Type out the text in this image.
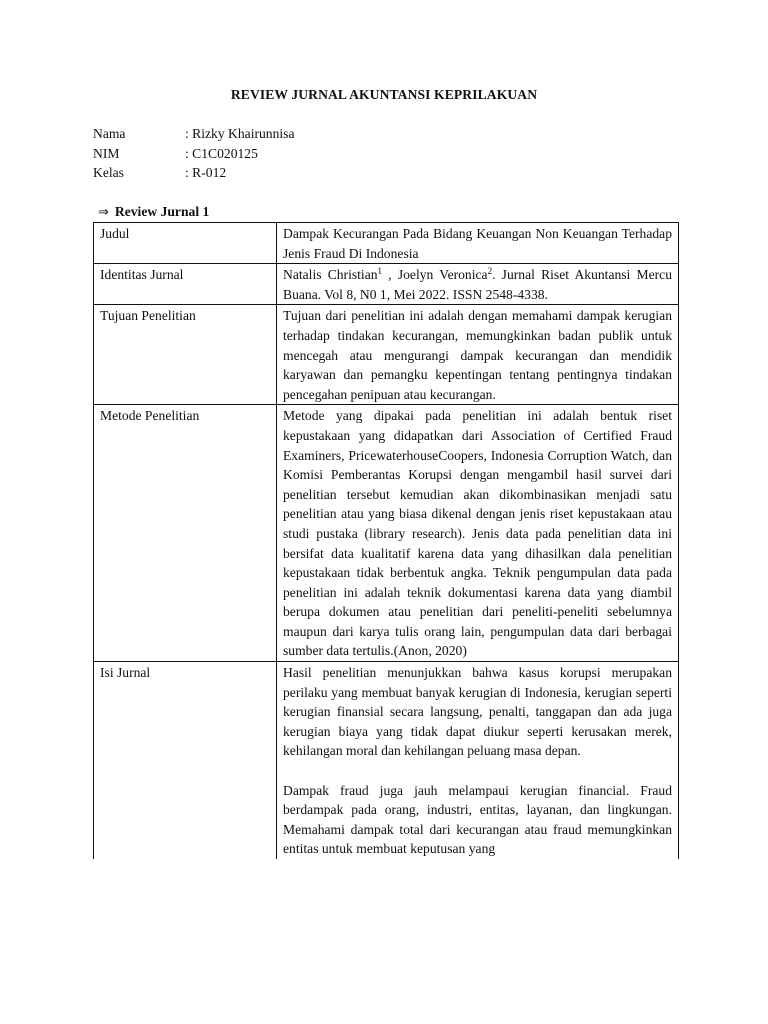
REVIEW JURNAL AKUNTANSI KEPRILAKUAN
Nama	: Rizky Khairunnisa
NIM	: C1C020125
Kelas	: R-012
⇒ Review Jurnal 1
Judul	Dampak Kecurangan Pada Bidang Keuangan Non Keuangan Terhadap Jenis Fraud Di Indonesia
Identitas Jurnal	Natalis Christian$^1$ , Joelyn Veronica$^2$. Jurnal Riset Akuntansi Mercu Buana. Vol 8, N0 1, Mei 2022. ISSN 2548-4338.
Tujuan Penelitian	Tujuan dari penelitian ini adalah dengan memahami dampak kerugian terhadap tindakan kecurangan, memungkinkan badan publik untuk mencegah atau mengurangi dampak kecurangan dan mendidik karyawan dan pemangku kepentingan tentang pentingnya tindakan pencegahan penipuan atau kecurangan.
Metode Penelitian	Metode yang dipakai pada penelitian ini adalah bentuk riset kepustakaan yang didapatkan dari Association of Certified Fraud Examiners, PricewaterhouseCoopers, Indonesia Corruption Watch, dan Komisi Pemberantas Korupsi dengan mengambil hasil survei dari penelitian tersebut kemudian akan dikombinasikan menjadi satu penelitian atau yang biasa dikenal dengan jenis riset kepustakaan atau studi pustaka (library research). Jenis data pada penelitian data ini bersifat data kualitatif karena data yang dihasilkan dala penelitian kepustakaan tidak berbentuk angka. Teknik pengumpulan data pada penelitian ini adalah teknik dokumentasi karena data yang diambil berupa dokumen atau penelitian dari peneliti-peneliti sebelumnya maupun dari karya tulis orang lain, pengumpulan data dari berbagai sumber data tertulis.(Anon, 2020)
Isi Jurnal	Hasil penelitian menunjukkan bahwa kasus korupsi merupakan perilaku yang membuat banyak kerugian di Indonesia, kerugian seperti kerugian finansial secara langsung, penalti, tanggapan dan ada juga kerugian biaya yang tidak dapat diukur seperti kerusakan merek, kehilangan moral dan kehilangan peluang masa depan.
Dampak fraud juga jauh melampaui kerugian financial. Fraud berdampak pada orang, industri, entitas, layanan, dan lingkungan. Memahami dampak total dari kecurangan atau fraud memungkinkan entitas untuk membuat keputusan yang
